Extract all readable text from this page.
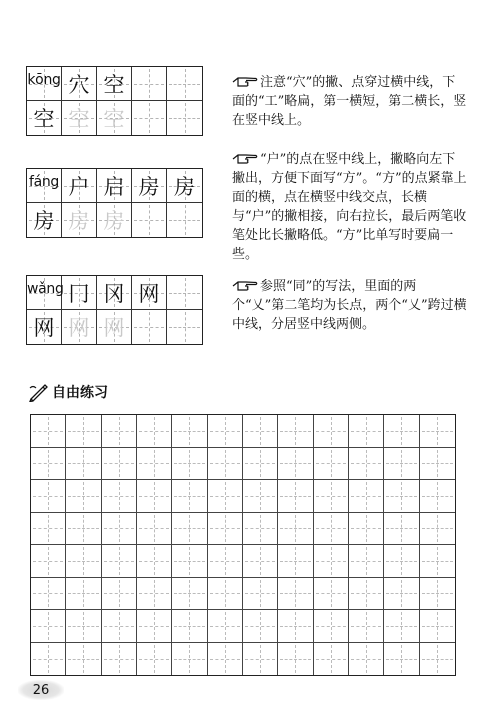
kōng 穴 空
空 空 空
注意“穴”的撇、点穿过横中线，下面的“工”略扁，第一横短，第二横长，竖在竖中线上。
fáng 户 启 房 房
房 房 房
“户”的点在竖中线上，撇略向左下撇出，方便下面写“方”。“方”的点紧靠上面的横，点在横竖中线交点，长横与“户”的撇相接，向右拉长，最后两笔收笔处比长撇略低。“方”比单写时要扁一些。
wǎng 冂 冈 网
网 网 网
参照“同”的写法，里面的两个“乂”第二笔均为长点，两个“乂”跨过横中线，分居竖中线两侧。
自由练习
26
